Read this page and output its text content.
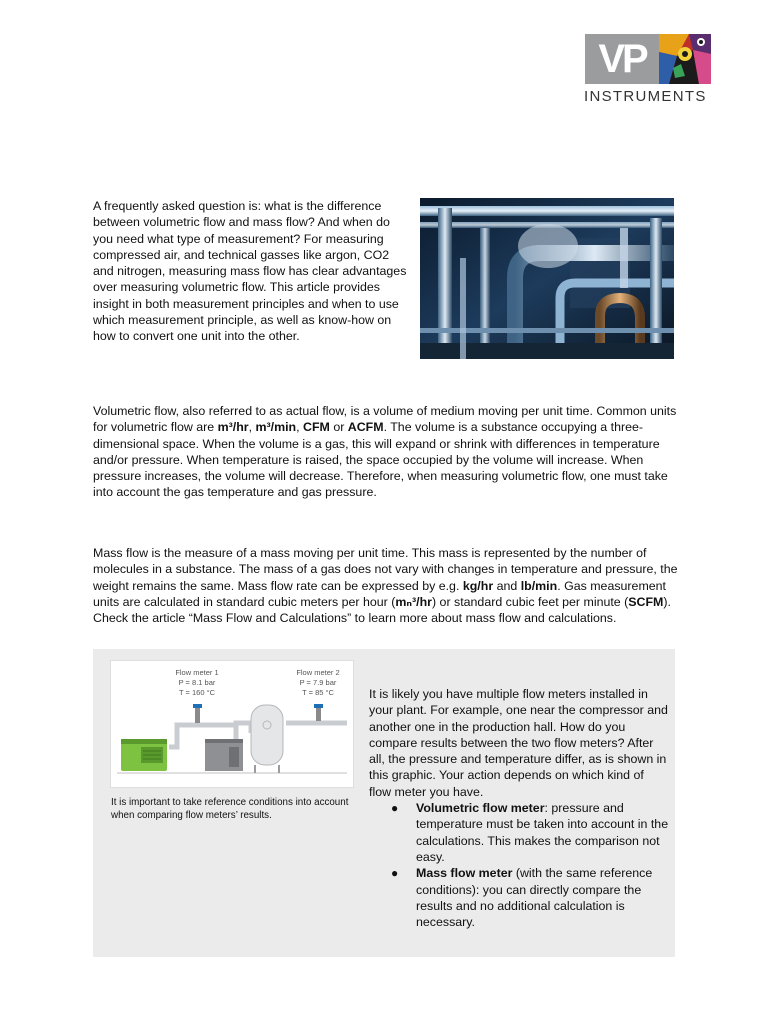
VP
INSTRUMENTS

A frequently asked question is: what is the difference between volumetric flow and mass flow? And when do you need what type of measurement? For measuring compressed air, and technical gasses like argon, CO2 and nitrogen, measuring mass flow has clear advantages over measuring volumetric flow. This article provides insight in both measurement principles and when to use which measurement principle, as well as know-how on how to convert one unit into the other.

Volumetric flow, also referred to as actual flow, is a volume of medium moving per unit time. Common units for volumetric flow are m³/hr, m³/min, CFM or ACFM. The volume is a substance occupying a three-dimensional space. When the volume is a gas, this will expand or shrink with differences in temperature and/or pressure. When temperature is raised, the space occupied by the volume will increase. When pressure increases, the volume will decrease. Therefore, when measuring volumetric flow, one must take into account the gas temperature and gas pressure.

Mass flow is the measure of a mass moving per unit time. This mass is represented by the number of molecules in a substance. The mass of a gas does not vary with changes in temperature and pressure, the weight remains the same. Mass flow rate can be expressed by e.g. kg/hr and lb/min. Gas measurement units are calculated in standard cubic meters per hour (mₙ³/hr) or standard cubic feet per minute (SCFM). Check the article “Mass Flow and Calculations” to learn more about mass flow and calculations.

Flow meter 1
P = 8.1 bar
T = 160 °C
Flow meter 2
P = 7.9 bar
T = 85 °C

It is important to take reference conditions into account when comparing flow meters’ results.

It is likely you have multiple flow meters installed in your plant. For example, one near the compressor and another one in the production hall. How do you compare results between the two flow meters? After all, the pressure and temperature differ, as is shown in this graphic. Your action depends on which kind of flow meter you have.

● Volumetric flow meter: pressure and temperature must be taken into account in the calculations. This makes the comparison not easy.
● Mass flow meter (with the same reference conditions): you can directly compare the results and no additional calculation is necessary.
